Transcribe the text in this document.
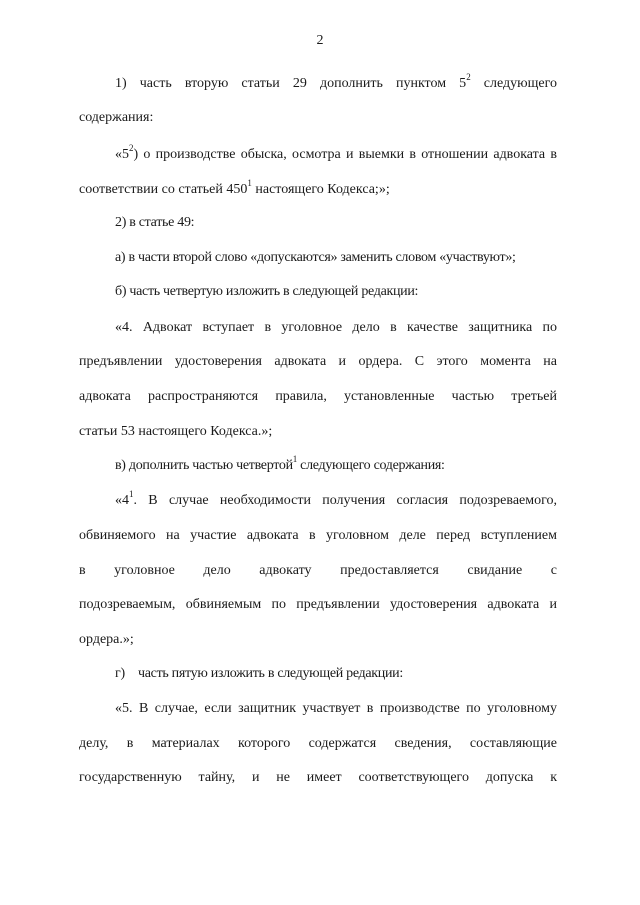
2
1) часть вторую статьи 29 дополнить пунктом $5^2$ следующего
содержания:
«$5^2$) о производстве обыска, осмотра и выемки в отношении адвоката в
соответствии со статьей $450^1$ настоящего Кодекса;»;
2) в статье 49:
а) в части второй слово «допускаются» заменить словом «участвуют»;
б) часть четвертую изложить в следующей редакции:
«4. Адвокат вступает в уголовное дело в качестве защитника по
предъявлении удостоверения адвоката и ордера. С этого момента на
адвоката распространяются правила, установленные частью третьей
статьи 53 настоящего Кодекса.»;
в) дополнить частью четвертой$^1$ следующего содержания:
«$4^1$. В случае необходимости получения согласия подозреваемого,
обвиняемого на участие адвоката в уголовном деле перед вступлением
в уголовное дело адвокату предоставляется свидание с
подозреваемым, обвиняемым по предъявлении удостоверения адвоката и
ордера.»;
г) часть пятую изложить в следующей редакции:
«5. В случае, если защитник участвует в производстве по уголовному
делу, в материалах которого содержатся сведения, составляющие
государственную тайну, и не имеет соответствующего допуска к
